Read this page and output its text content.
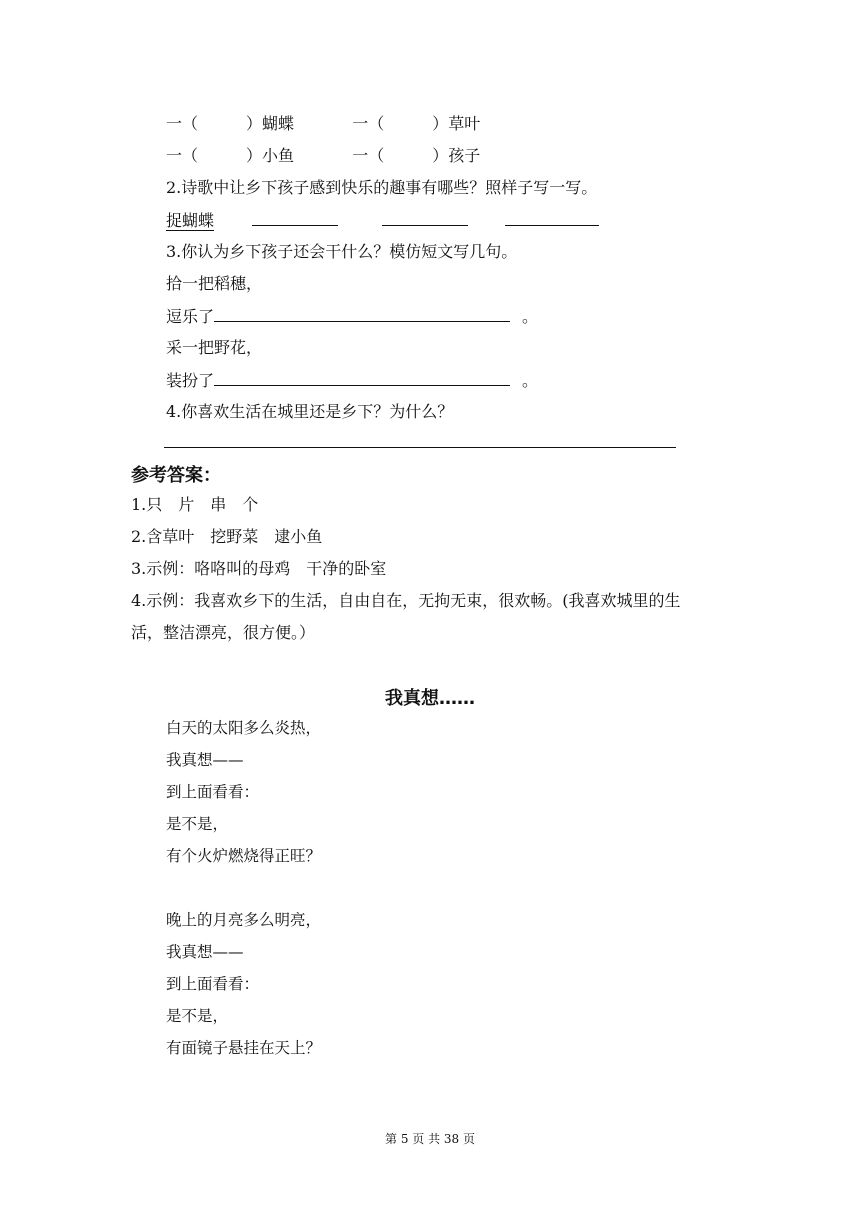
一（　　　）蝴蝶	一（　　　）草叶
一（　　　）小鱼	一（　　　）孩子
2.诗歌中让乡下孩子感到快乐的趣事有哪些？照样子写一写。
捉蝴蝶
3.你认为乡下孩子还会干什么？模仿短文写几句。
拾一把稻穗，
逗乐了	。
采一把野花，
装扮了	。
4.你喜欢生活在城里还是乡下？为什么？
参考答案：
1.只　片　串　个
2.含草叶　挖野菜　逮小鱼
3.示例：咯咯叫的母鸡　干净的卧室
4.示例：我喜欢乡下的生活，自由自在，无拘无束，很欢畅。(我喜欢城里的生
活，整洁漂亮，很方便。）
我真想……
白天的太阳多么炎热，
我真想——
到上面看看：
是不是，
有个火炉燃烧得正旺？
晚上的月亮多么明亮，
我真想——
到上面看看：
是不是，
有面镜子悬挂在天上？
第 5 页 共 38 页
